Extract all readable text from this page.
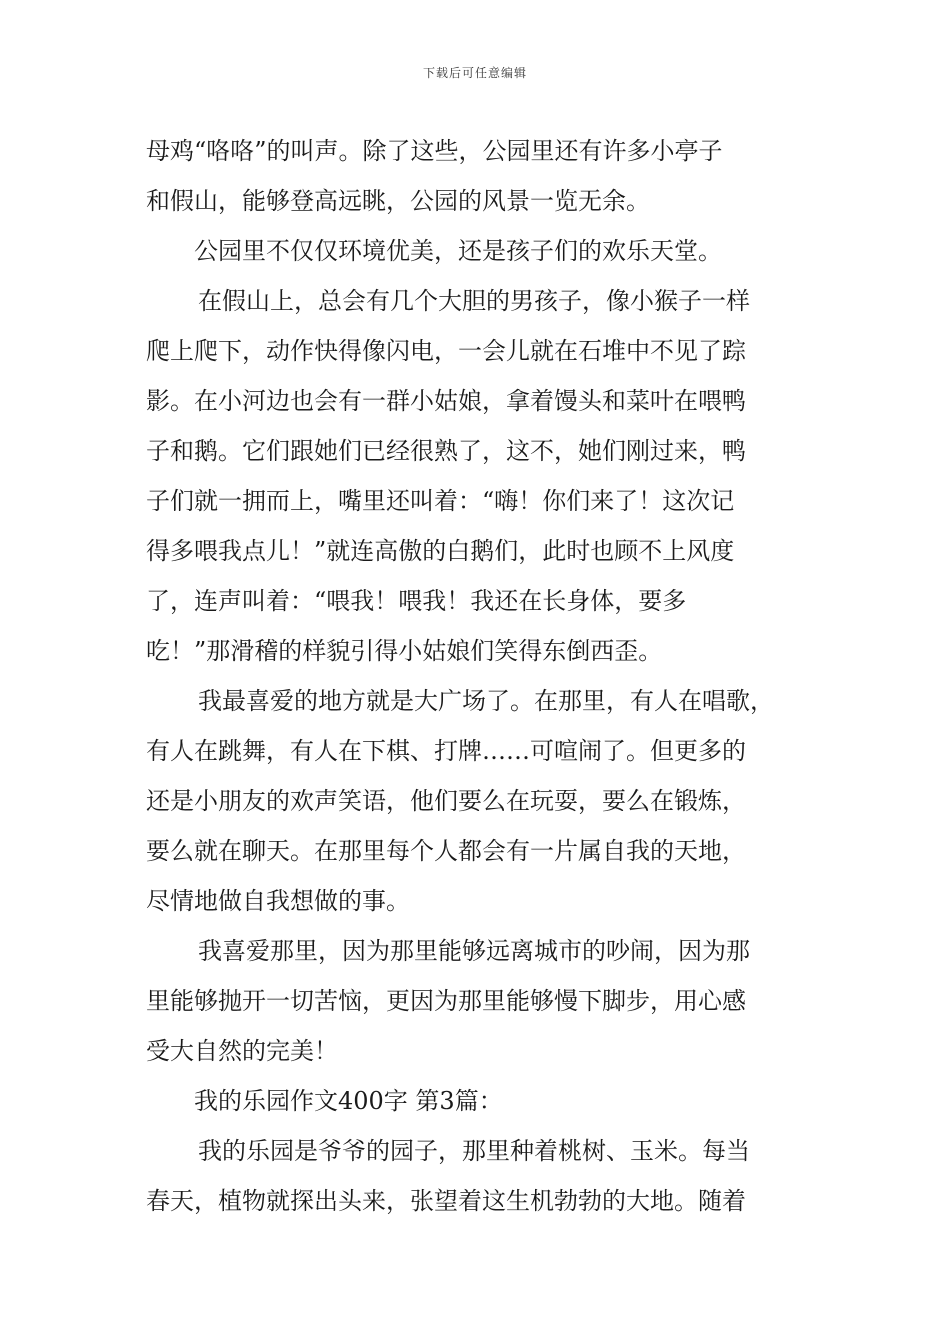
下载后可任意编辑
母鸡“咯咯”的叫声。除了这些，公园里还有许多小亭子
和假山，能够登高远眺，公园的风景一览无余。
公园里不仅仅环境优美，还是孩子们的欢乐天堂。
在假山上，总会有几个大胆的男孩子，像小猴子一样
爬上爬下，动作快得像闪电，一会儿就在石堆中不见了踪
影。在小河边也会有一群小姑娘，拿着馒头和菜叶在喂鸭
子和鹅。它们跟她们已经很熟了，这不，她们刚过来，鸭
子们就一拥而上，嘴里还叫着：“嗨！你们来了！这次记
得多喂我点儿！”就连高傲的白鹅们，此时也顾不上风度
了，连声叫着：“喂我！喂我！我还在长身体，要多
吃！”那滑稽的样貌引得小姑娘们笑得东倒西歪。
我最喜爱的地方就是大广场了。在那里，有人在唱歌，
有人在跳舞，有人在下棋、打牌……可喧闹了。但更多的
还是小朋友的欢声笑语，他们要么在玩耍，要么在锻炼，
要么就在聊天。在那里每个人都会有一片属自我的天地，
尽情地做自我想做的事。
我喜爱那里，因为那里能够远离城市的吵闹，因为那
里能够抛开一切苦恼，更因为那里能够慢下脚步，用心感
受大自然的完美！
我的乐园作文400字 第3篇：
我的乐园是爷爷的园子，那里种着桃树、玉米。每当
春天，植物就探出头来，张望着这生机勃勃的大地。随着
